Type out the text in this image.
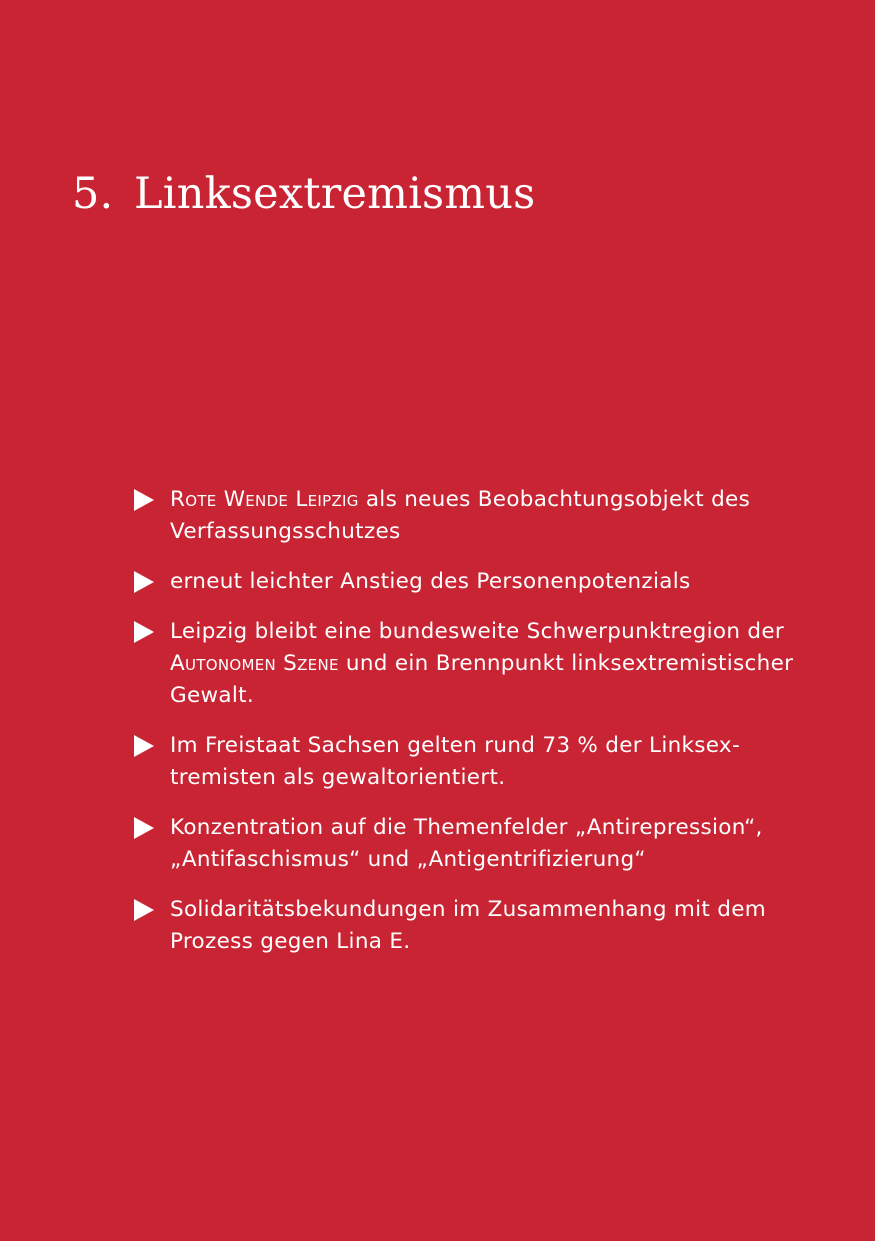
5. Linksextremismus
Rote Wende Leipzig als neues Beobachtungsobjekt des
Verfassungsschutzes
erneut leichter Anstieg des Personenpotenzials
Leipzig bleibt eine bundesweite Schwerpunktregion der
Autonomen Szene und ein Brennpunkt linksextremistischer
Gewalt.
Im Freistaat Sachsen gelten rund 73 % der Linksex-
tremisten als gewaltorientiert.
Konzentration auf die Themenfelder „Antirepression“,
„Antifaschismus“ und „Antigentrifizierung“
Solidaritätsbekundungen im Zusammenhang mit dem
Prozess gegen Lina E.
